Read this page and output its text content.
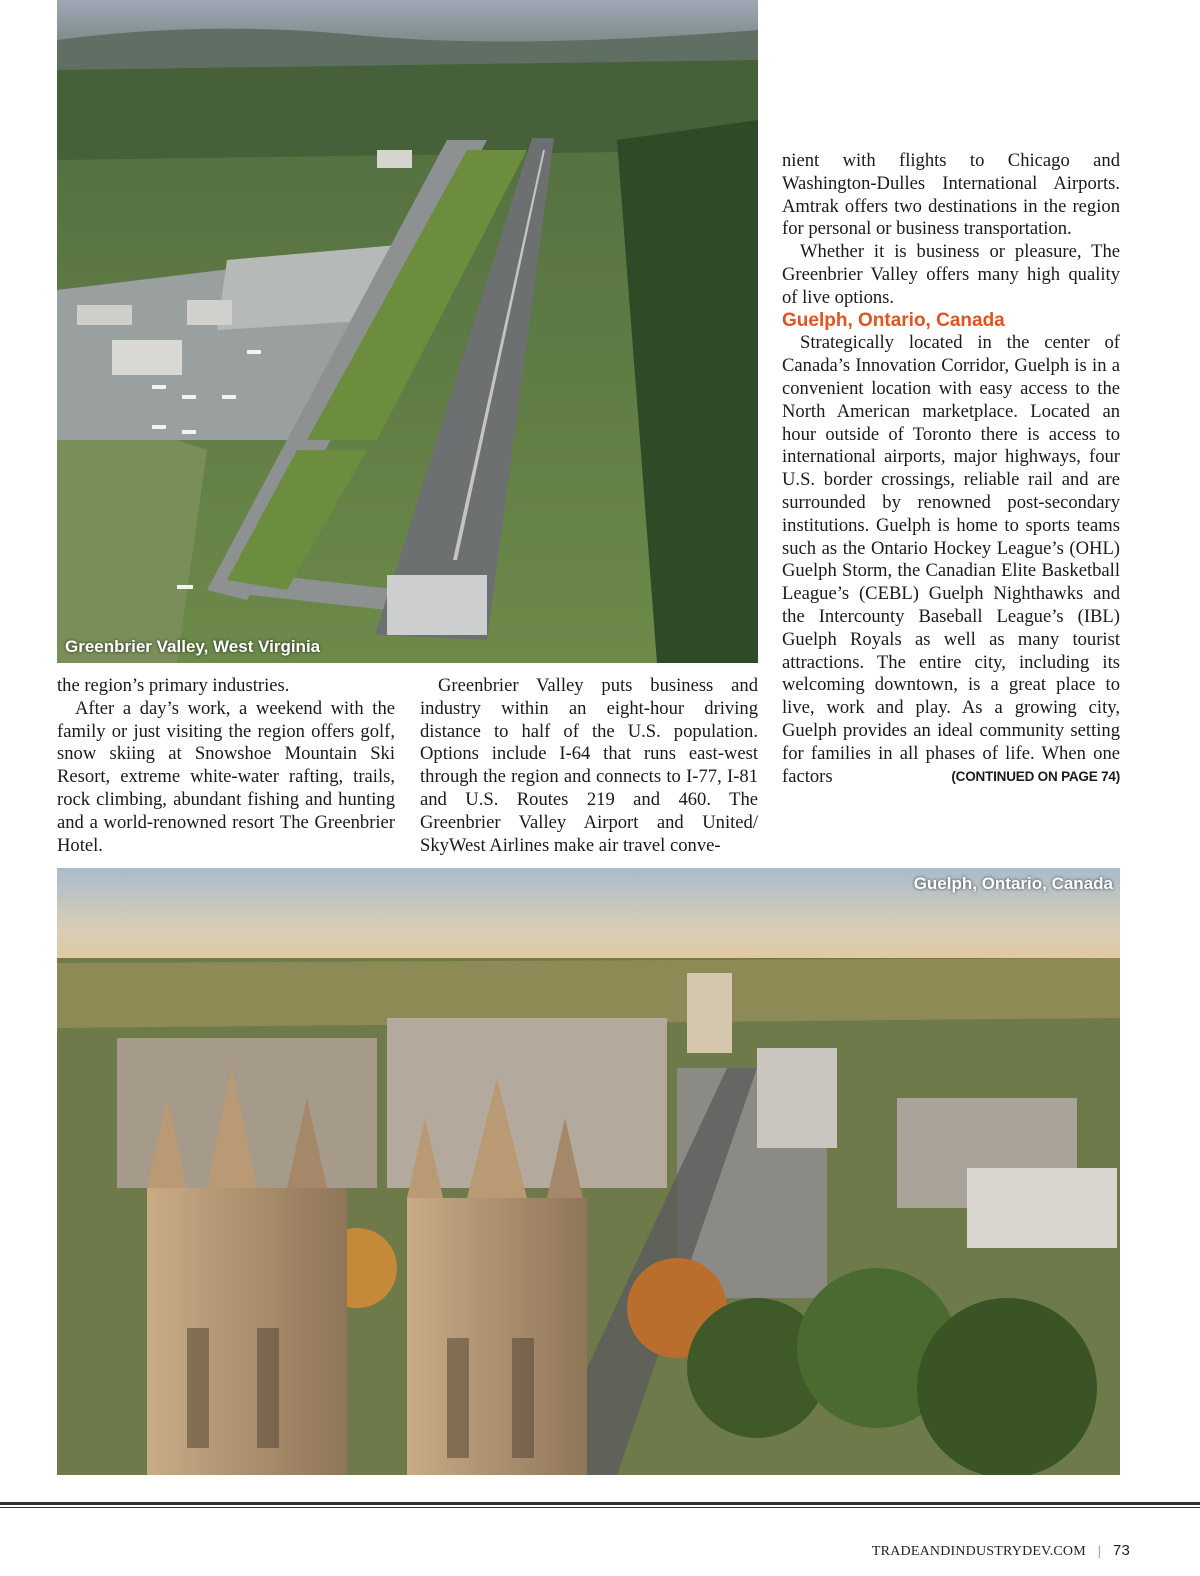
Greenbrier Valley, West Virginia

the region’s primary industries.

After a day’s work, a weekend with the family or just visiting the region offers golf, snow skiing at Snowshoe Mountain Ski Resort, extreme white-water rafting, trails, rock climbing, abundant fishing and hunting and a world-renowned resort The Greenbrier Hotel.

Greenbrier Valley puts business and industry within an eight-hour driving distance to half of the U.S. population. Options include I-64 that runs east-west through the region and connects to I-77, I-81 and U.S. Routes 219 and 460. The Greenbrier Valley Airport and United/ SkyWest Airlines make air travel conve-

nient with flights to Chicago and Washington-Dulles International Airports. Amtrak offers two destinations in the region for personal or business transportation.

Whether it is business or pleasure, The Greenbrier Valley offers many high quality of live options.

Guelph, Ontario, Canada

Strategically located in the center of Canada’s Innovation Corridor, Guelph is in a convenient location with easy access to the North American marketplace. Located an hour outside of Toronto there is access to international airports, major highways, four U.S. border crossings, reliable rail and are surrounded by renowned post-secondary institutions. Guelph is home to sports teams such as the Ontario Hockey League’s (OHL) Guelph Storm, the Canadian Elite Basketball League’s (CEBL) Guelph Nighthawks and the Intercounty Baseball League’s (IBL) Guelph Royals as well as many tourist attractions. The entire city, including its welcoming downtown, is a great place to live, work and play. As a growing city, Guelph provides an ideal community setting for families in all phases of life. When one factors	(CONTINUED ON PAGE 74)

Guelph, Ontario, Canada
TRADEANDINDUSTRYDEV.COM | 73
